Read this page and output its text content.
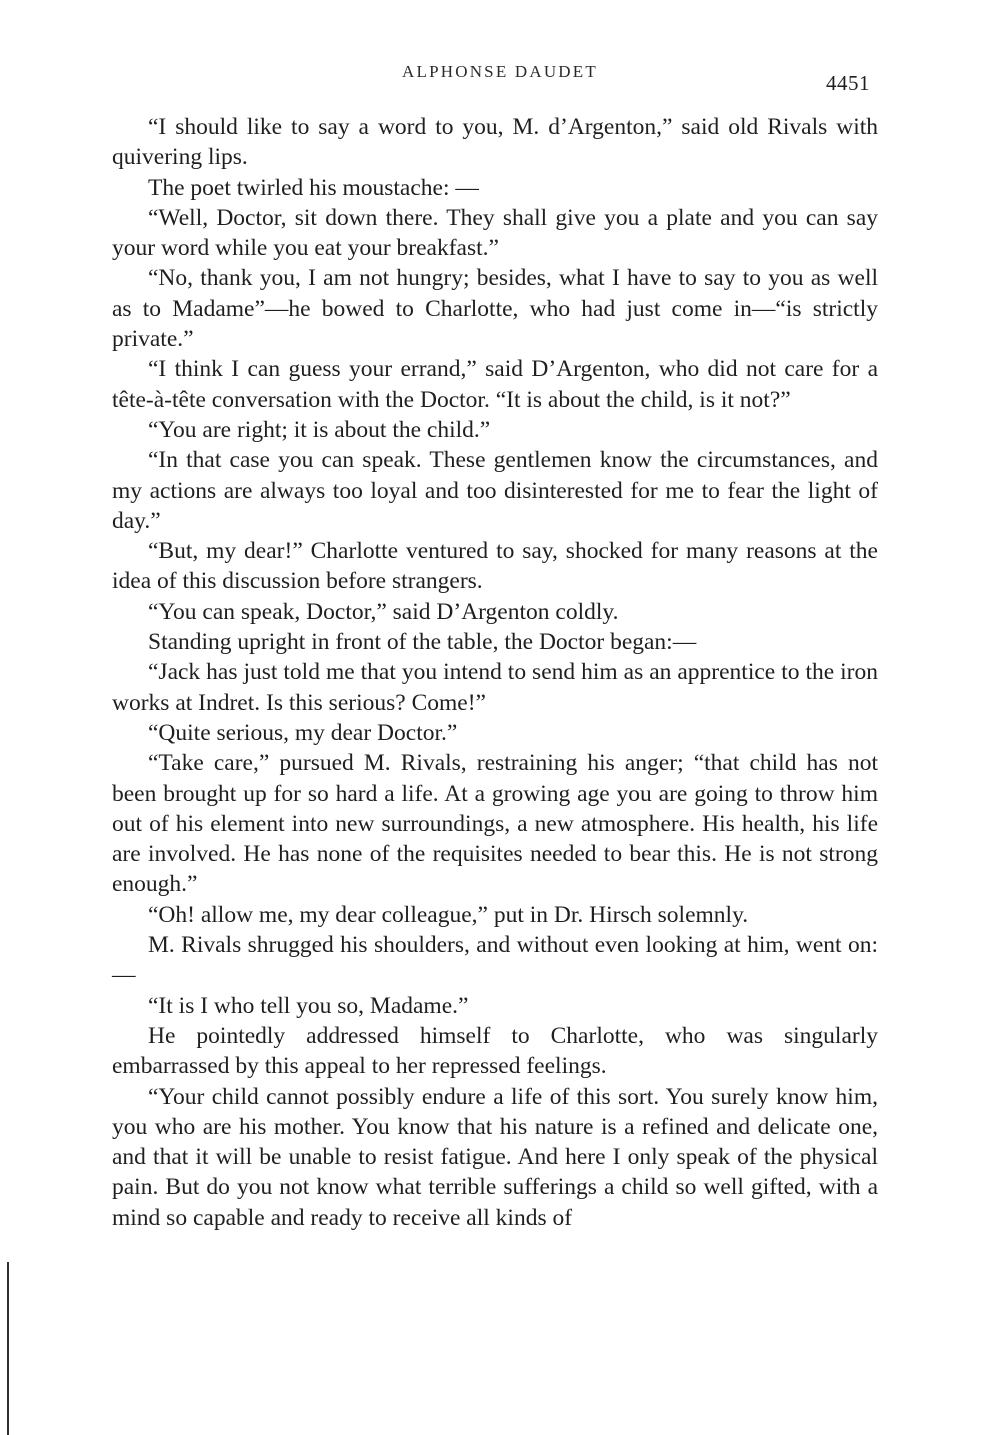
ALPHONSE DAUDET	4451

“I should like to say a word to you, M. d’Argenton,” said old Rivals with quivering lips.

The poet twirled his moustache: —

“Well, Doctor, sit down there. They shall give you a plate and you can say your word while you eat your breakfast.”

“No, thank you, I am not hungry; besides, what I have to say to you as well as to Madame”—he bowed to Charlotte, who had just come in—“is strictly private.”

“I think I can guess your errand,” said D’Argenton, who did not care for a tête-à-tête conversation with the Doctor. “It is about the child, is it not?”

“You are right; it is about the child.”

“In that case you can speak. These gentlemen know the circumstances, and my actions are always too loyal and too disinterested for me to fear the light of day.”

“But, my dear!” Charlotte ventured to say, shocked for many reasons at the idea of this discussion before strangers.

“You can speak, Doctor,” said D’Argenton coldly.

Standing upright in front of the table, the Doctor began:—

“Jack has just told me that you intend to send him as an apprentice to the iron works at Indret. Is this serious? Come!”

“Quite serious, my dear Doctor.”

“Take care,” pursued M. Rivals, restraining his anger; “that child has not been brought up for so hard a life. At a growing age you are going to throw him out of his element into new surroundings, a new atmosphere. His health, his life are involved. He has none of the requisites needed to bear this. He is not strong enough.”

“Oh! allow me, my dear colleague,” put in Dr. Hirsch solemnly.

M. Rivals shrugged his shoulders, and without even looking at him, went on:—

“It is I who tell you so, Madame.”

He pointedly addressed himself to Charlotte, who was singularly embarrassed by this appeal to her repressed feelings.

“Your child cannot possibly endure a life of this sort. You surely know him, you who are his mother. You know that his nature is a refined and delicate one, and that it will be unable to resist fatigue. And here I only speak of the physical pain. But do you not know what terrible sufferings a child so well gifted, with a mind so capable and ready to receive all kinds of
